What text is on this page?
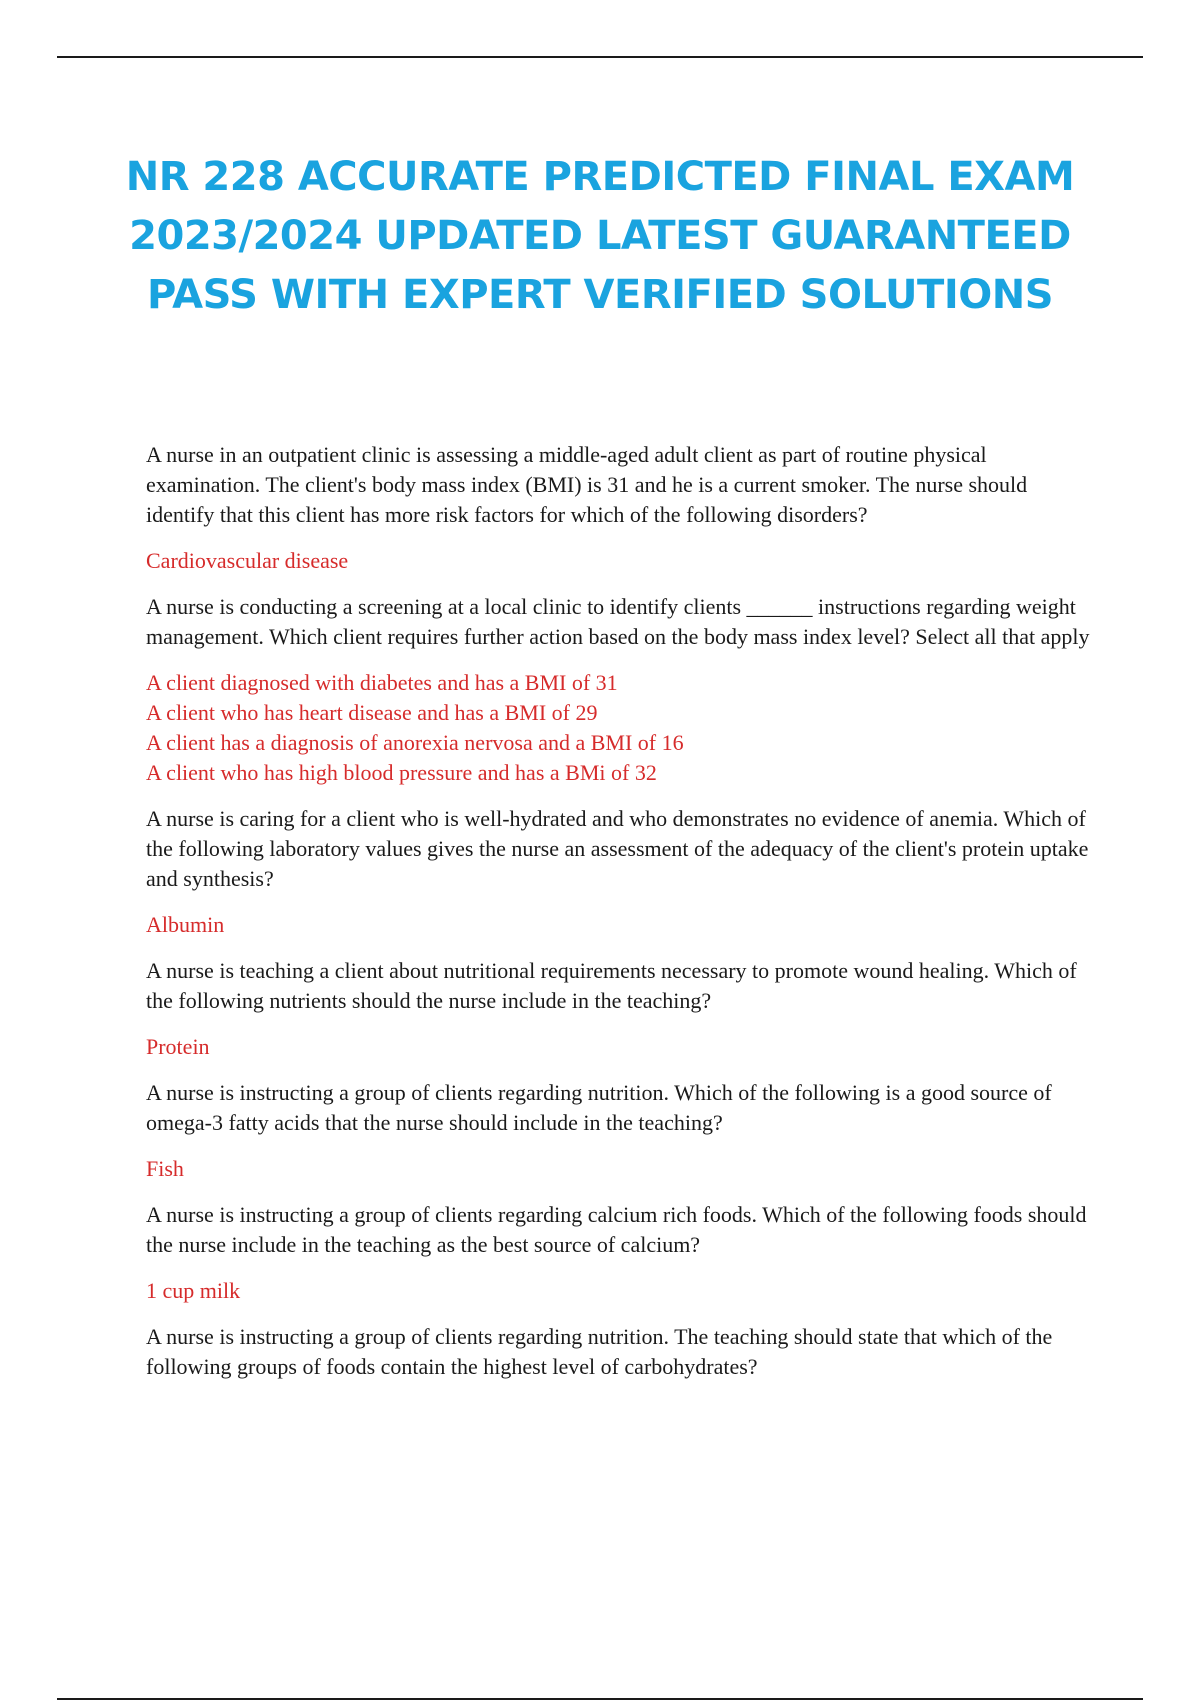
NR 228 ACCURATE PREDICTED FINAL EXAM 2023/2024 UPDATED LATEST GUARANTEED PASS WITH EXPERT VERIFIED SOLUTIONS

A nurse in an outpatient clinic is assessing a middle-aged adult client as part of routine physical examination. The client's body mass index (BMI) is 31 and he is a current smoker. The nurse should identify that this client has more risk factors for which of the following disorders?

Cardiovascular disease

A nurse is conducting a screening at a local clinic to identify clients ______ instructions regarding weight management. Which client requires further action based on the body mass index level? Select all that apply

A client diagnosed with diabetes and has a BMI of 31
A client who has heart disease and has a BMI of 29
A client has a diagnosis of anorexia nervosa and a BMI of 16
A client who has high blood pressure and has a BMi of 32

A nurse is caring for a client who is well-hydrated and who demonstrates no evidence of anemia. Which of the following laboratory values gives the nurse an assessment of the adequacy of the client's protein uptake and synthesis?

Albumin

A nurse is teaching a client about nutritional requirements necessary to promote wound healing. Which of the following nutrients should the nurse include in the teaching?

Protein

A nurse is instructing a group of clients regarding nutrition. Which of the following is a good source of omega-3 fatty acids that the nurse should include in the teaching?

Fish

A nurse is instructing a group of clients regarding calcium rich foods. Which of the following foods should the nurse include in the teaching as the best source of calcium?

1 cup milk

A nurse is instructing a group of clients regarding nutrition. The teaching should state that which of the following groups of foods contain the highest level of carbohydrates?
